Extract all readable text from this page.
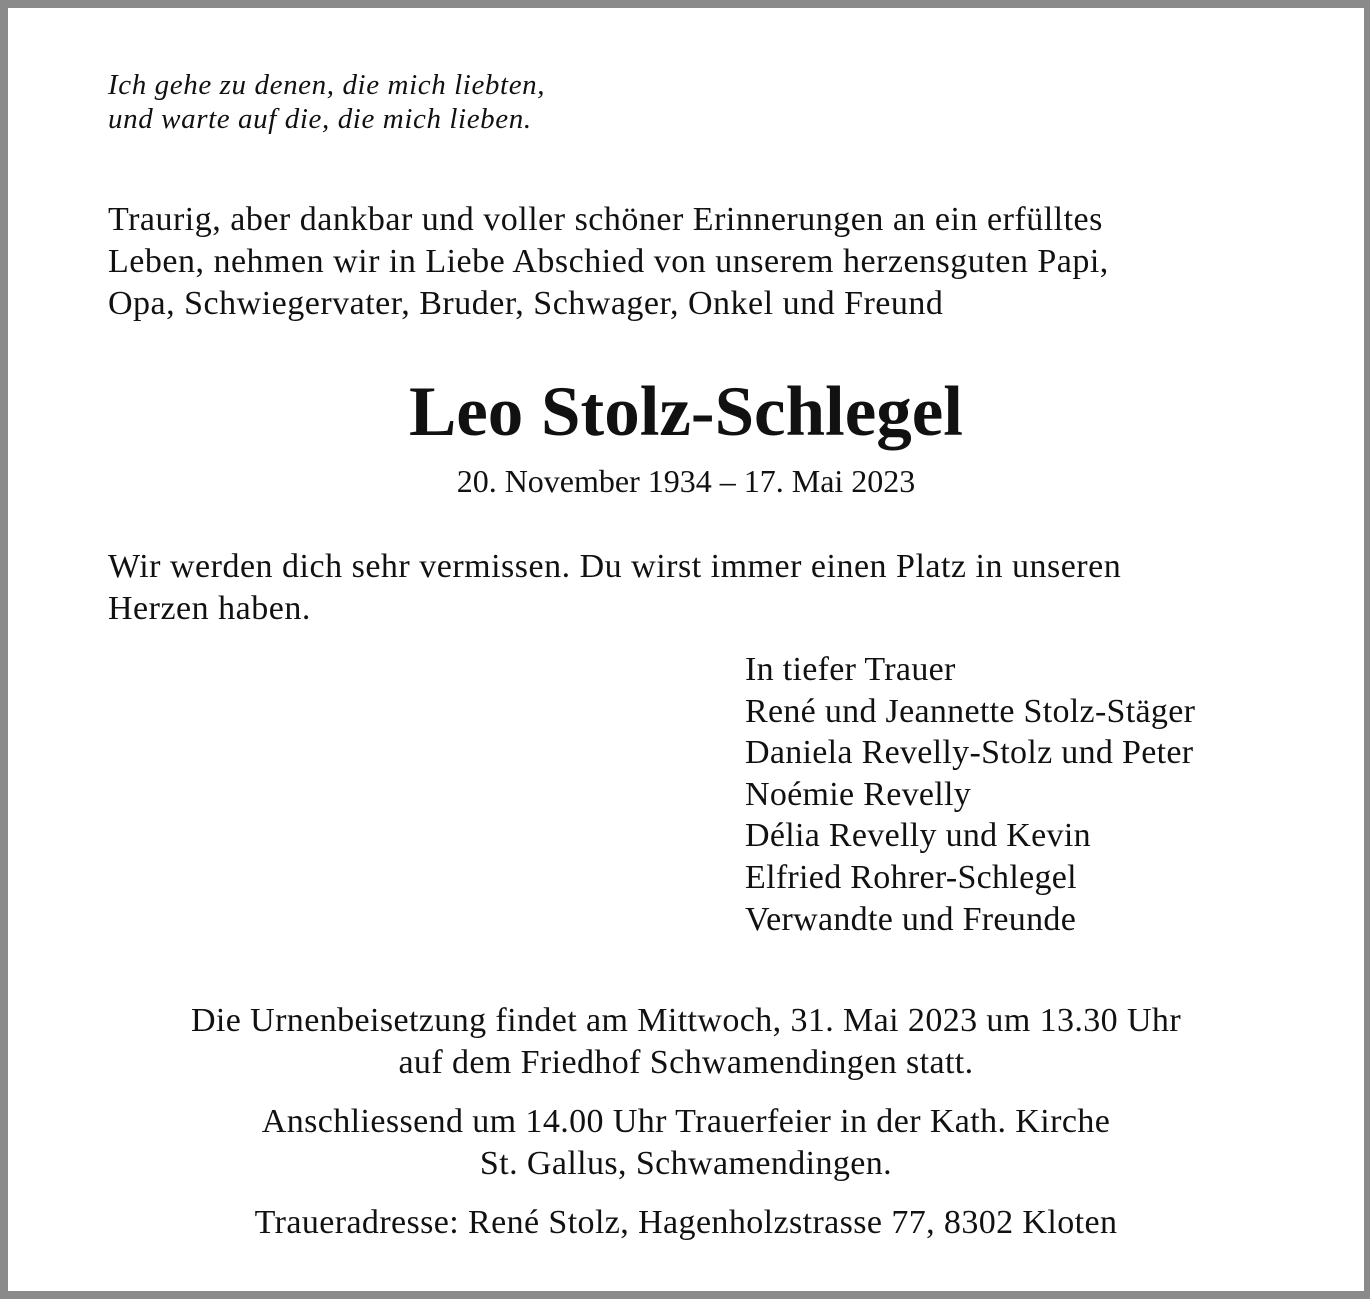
Ich gehe zu denen, die mich liebten,
und warte auf die, die mich lieben.
Traurig, aber dankbar und voller schöner Erinnerungen an ein erfülltes
Leben, nehmen wir in Liebe Abschied von unserem herzensguten Papi,
Opa, Schwiegervater, Bruder, Schwager, Onkel und Freund
Leo Stolz-Schlegel
20. November 1934 – 17. Mai 2023
Wir werden dich sehr vermissen. Du wirst immer einen Platz in unseren
Herzen haben.
In tiefer Trauer
René und Jeannette Stolz-Stäger
Daniela Revelly-Stolz und Peter
Noémie Revelly
Délia Revelly und Kevin
Elfried Rohrer-Schlegel
Verwandte und Freunde
Die Urnenbeisetzung findet am Mittwoch, 31. Mai 2023 um 13.30 Uhr
auf dem Friedhof Schwamendingen statt.
Anschliessend um 14.00 Uhr Trauerfeier in der Kath. Kirche
St. Gallus, Schwamendingen.
Traueradresse: René Stolz, Hagenholzstrasse 77, 8302 Kloten
